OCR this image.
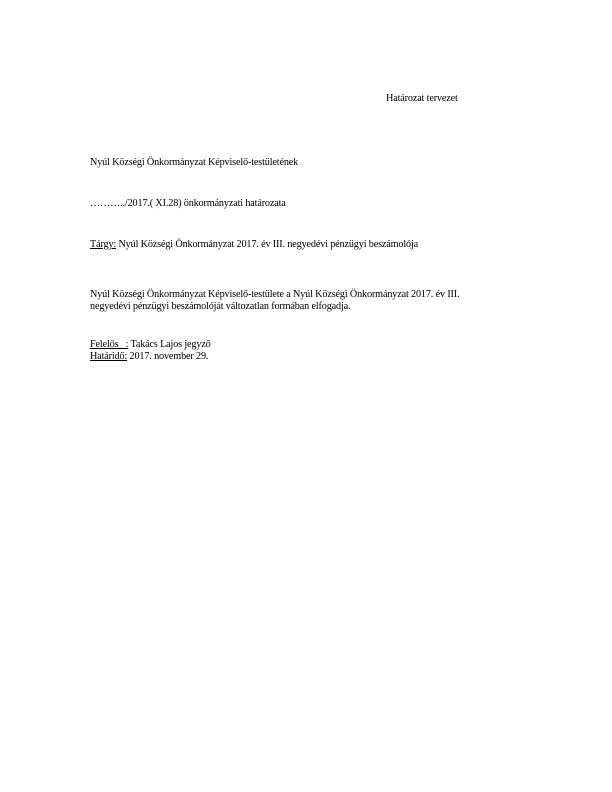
Határozat tervezet
Nyúl Községi Önkormányzat Képviselő-testületének
………../2017.( XI.28) önkormányzati határozata
Tárgy: Nyúl Községi Önkormányzat 2017. év III. negyedévi pénzügyi beszámolója
Nyúl Községi Önkormányzat Képviselő-testülete a Nyúl Községi Önkormányzat 2017. év III.
negyedévi pénzügyi beszámolóját változatlan formában elfogadja.
Felelős   : Takács Lajos jegyző
Határidő: 2017. november 29.
